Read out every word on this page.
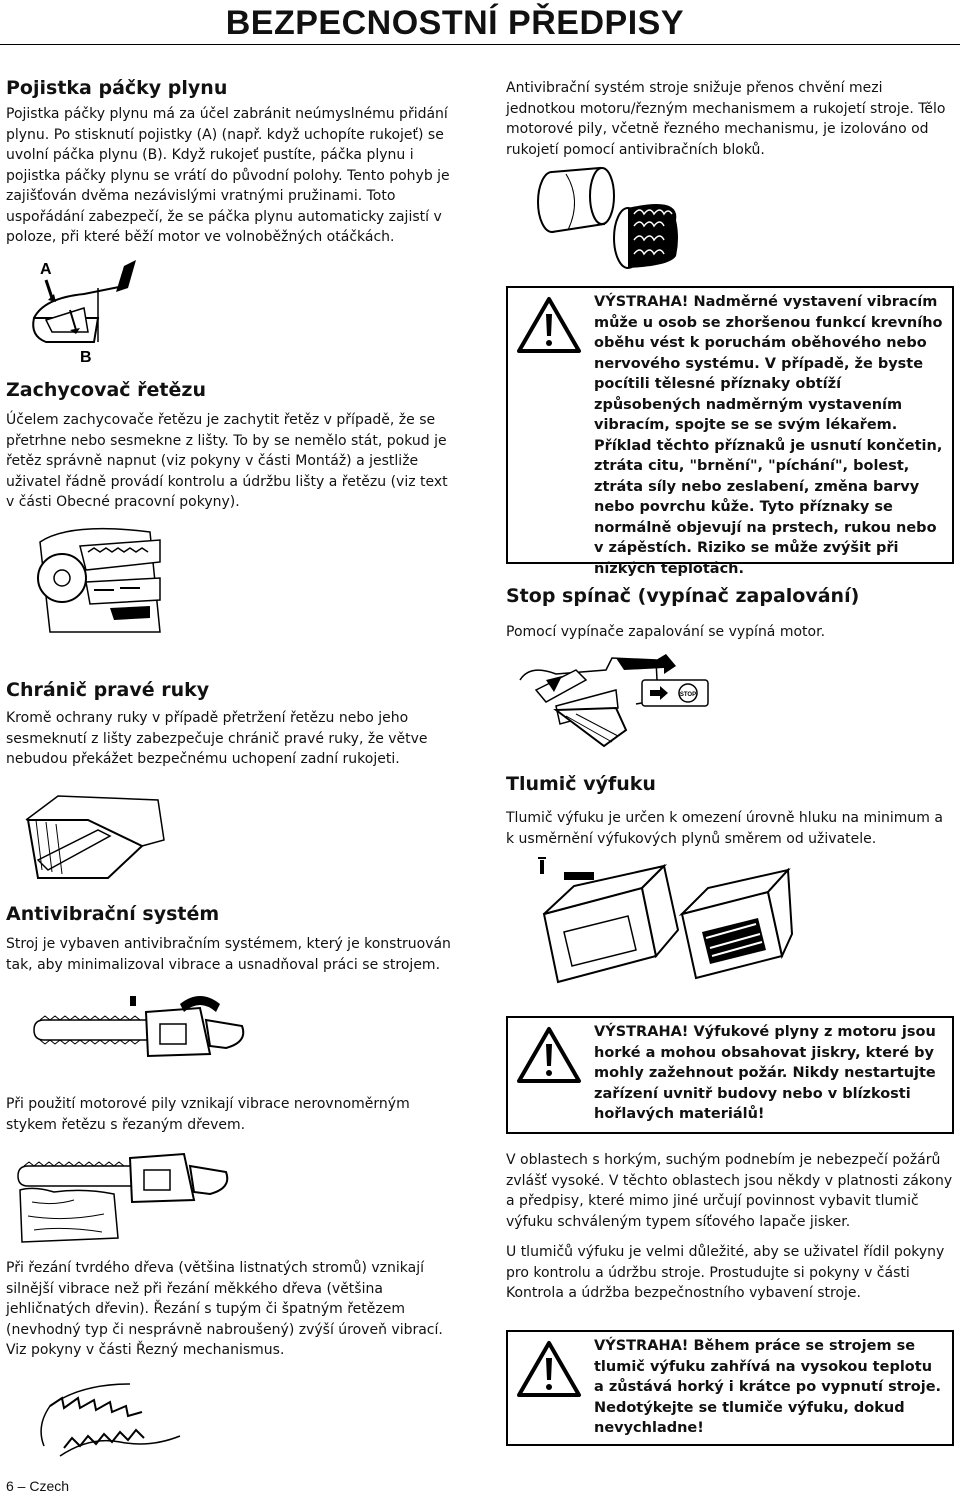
BEZPECNOSTNÍ PŘEDPISY
Pojistka páčky plynu

Pojistka páčky plynu má za účel zabránit neúmyslnému přidání plynu. Po stisknutí pojistky (A) (např. když uchopíte rukojeť) se uvolní páčka plynu (B). Když rukojeť pustíte, páčka plynu i pojistka páčky plynu se vrátí do původní polohy. Tento pohyb je zajišťován dvěma nezávislými vratnými pružinami. Toto uspořádání zabezpečí, že se páčka plynu automaticky zajistí v poloze, při které běží motor ve volnoběžných otáčkách.

A
B
Zachycovač řetězu

Účelem zachycovače řetězu je zachytit řetěz v případě, že se přetrhne nebo sesmekne z lišty. To by se nemělo stát, pokud je řetěz správně napnut (viz pokyny v části Montáž) a jestliže uživatel řádně provádí kontrolu a údržbu lišty a řetězu (viz text v části Obecné pracovní pokyny).

Chránič pravé ruky

Kromě ochrany ruky v případě přetržení řetězu nebo jeho sesmeknutí z lišty zabezpečuje chránič pravé ruky, že větve nebudou překážet bezpečnému uchopení zadní rukojeti.

Antivibrační systém

Stroj je vybaven antivibračním systémem, který je konstruován tak, aby minimalizoval vibrace a usnadňoval práci se strojem.

Při použití motorové pily vznikají vibrace nerovnoměrným stykem řetězu s řezaným dřevem.

Při řezání tvrdého dřeva (většina listnatých stromů) vznikají silnější vibrace než při řezání měkkého dřeva (většina jehličnatých dřevin). Řezání s tupým či špatným řetězem (nevhodný typ či nesprávně nabroušený) zvýší úroveň vibrací. Viz pokyny v části Řezný mechanismus.

6 – Czech

Antivibrační systém stroje snižuje přenos chvění mezi jednotkou motoru/řezným mechanismem a rukojetí stroje. Tělo motorové pily, včetně řezného mechanismu, je izolováno od rukojetí pomocí antivibračních bloků.

VÝSTRAHA! Nadměrné vystavení vibracím může u osob se zhoršenou funkcí krevního oběhu vést k poruchám oběhového nebo nervového systému. V případě, že byste pocítili tělesné příznaky obtíží způsobených nadměrným vystavením vibracím, spojte se se svým lékařem. Příklad těchto příznaků je usnutí končetin, ztráta citu, "brnění", "píchání", bolest, ztráta síly nebo zeslabení, změna barvy nebo povrchu kůže. Tyto příznaky se normálně objevují na prstech, rukou nebo v zápěstích. Riziko se může zvýšit při nízkých teplotách.
Stop spínač (vypínač zapalování)

Pomocí vypínače zapalování se vypíná motor.

STOP
Tlumič výfuku

Tlumič výfuku je určen k omezení úrovně hluku na minimum a k usměrnění výfukových plynů směrem od uživatele.

VÝSTRAHA! Výfukové plyny z motoru jsou horké a mohou obsahovat jiskry, které by mohly zažehnout požár. Nikdy nestartujte zařízení uvnitř budovy nebo v blízkosti hořlavých materiálů!

V oblastech s horkým, suchým podnebím je nebezpečí požárů zvlášť vysoké. V těchto oblastech jsou někdy v platnosti zákony a předpisy, které mimo jiné určují povinnost vybavit tlumič výfuku schváleným typem síťového lapače jisker.

U tlumičů výfuku je velmi důležité, aby se uživatel řídil pokyny pro kontrolu a údržbu stroje. Prostudujte si pokyny v části Kontrola a údržba bezpečnostního vybavení stroje.

VÝSTRAHA! Během práce se strojem se tlumič výfuku zahřívá na vysokou teplotu a zůstává horký i krátce po vypnutí stroje. Nedotýkejte se tlumiče výfuku, dokud nevychladne!
